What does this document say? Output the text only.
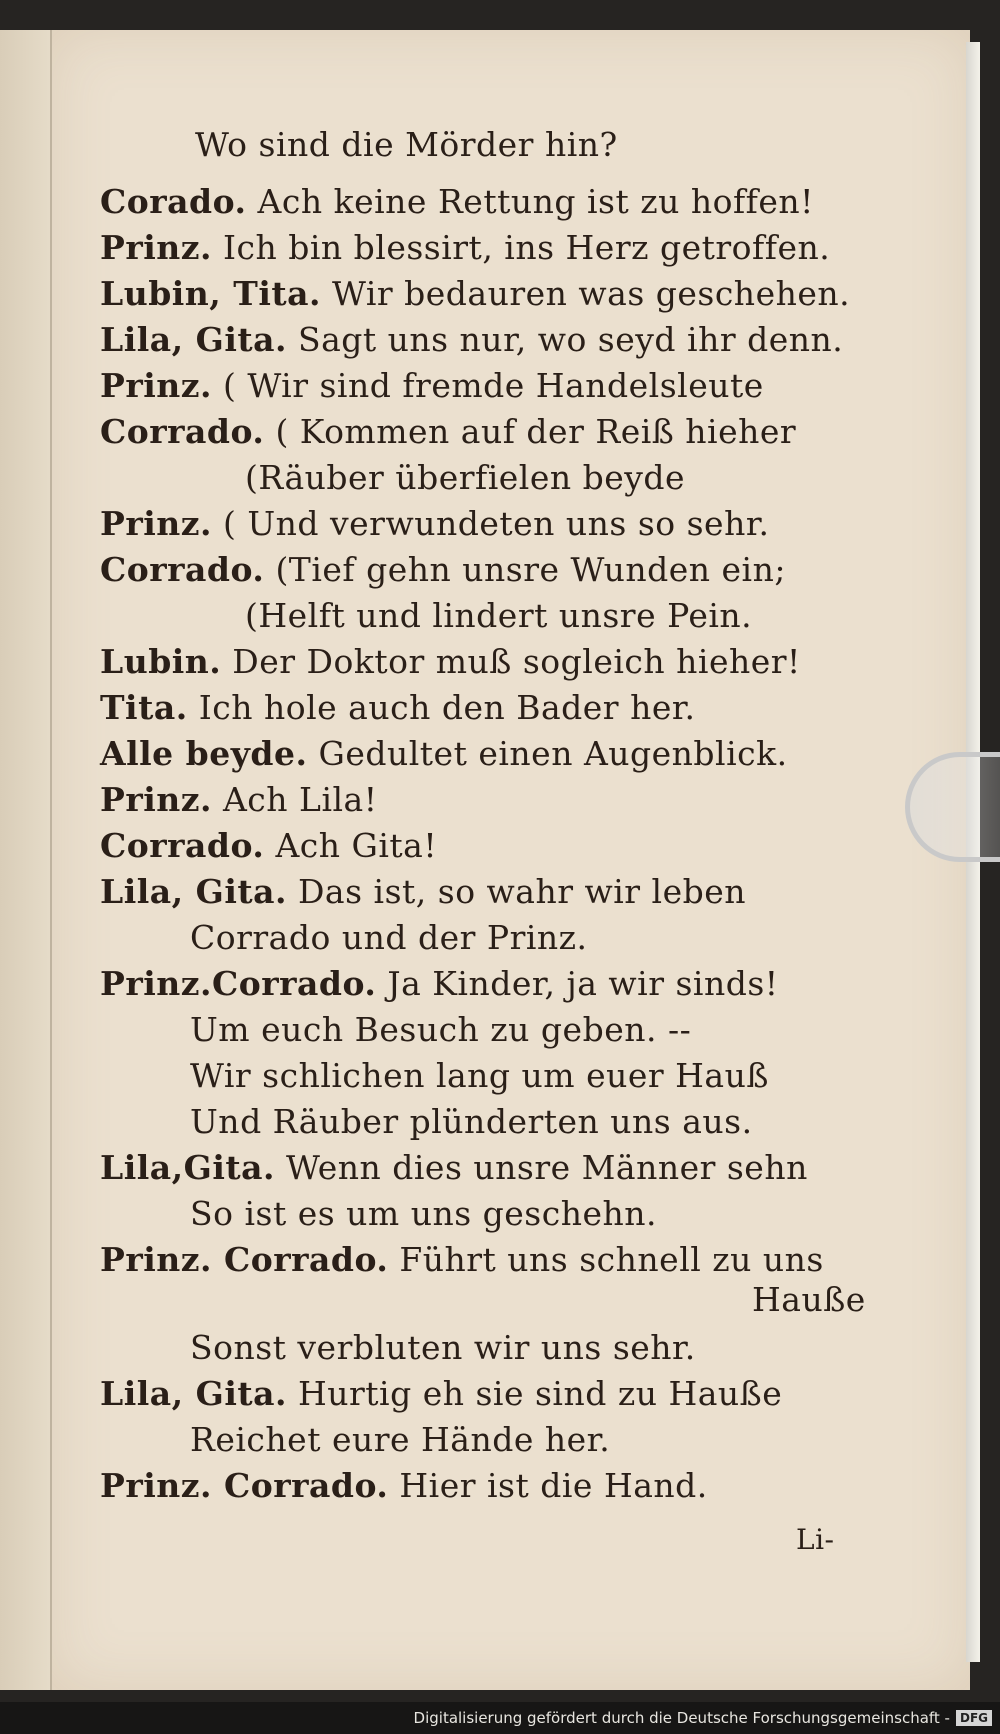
Wo sind die Mörder hin?
Corado. Ach keine Rettung ist zu hoffen!
Prinz. Ich bin blessirt, ins Herz getroffen.
Lubin, Tita. Wir bedauren was geschehen.
Lila, Gita. Sagt uns nur, wo seyd ihr denn.
Prinz. ( Wir sind fremde Handelsleute
Corrado. ( Kommen auf der Reiß hieher
(Räuber überfielen beyde
Prinz. ( Und verwundeten uns so sehr.
Corrado. (Tief gehn unsre Wunden ein;
(Helft und lindert unsre Pein.
Lubin. Der Doktor muß sogleich hieher!
Tita. Ich hole auch den Bader her.
Alle beyde. Gedultet einen Augenblick.
Prinz. Ach Lila!
Corrado. Ach Gita!
Lila, Gita. Das ist, so wahr wir leben
Corrado und der Prinz.
Prinz.Corrado. Ja Kinder, ja wir sinds!
Um euch Besuch zu geben. --
Wir schlichen lang um euer Hauß
Und Räuber plünderten uns aus.
Lila,Gita. Wenn dies unsre Männer sehn
So ist es um uns geschehn.
Prinz. Corrado. Führt uns schnell zu uns
Hauße
Sonst verbluten wir uns sehr.
Lila, Gita. Hurtig eh sie sind zu Hauße
Reichet eure Hände her.
Prinz. Corrado. Hier ist die Hand.
Li-
Digitalisierung gefördert durch die Deutsche Forschungsgemeinschaft - DFG
